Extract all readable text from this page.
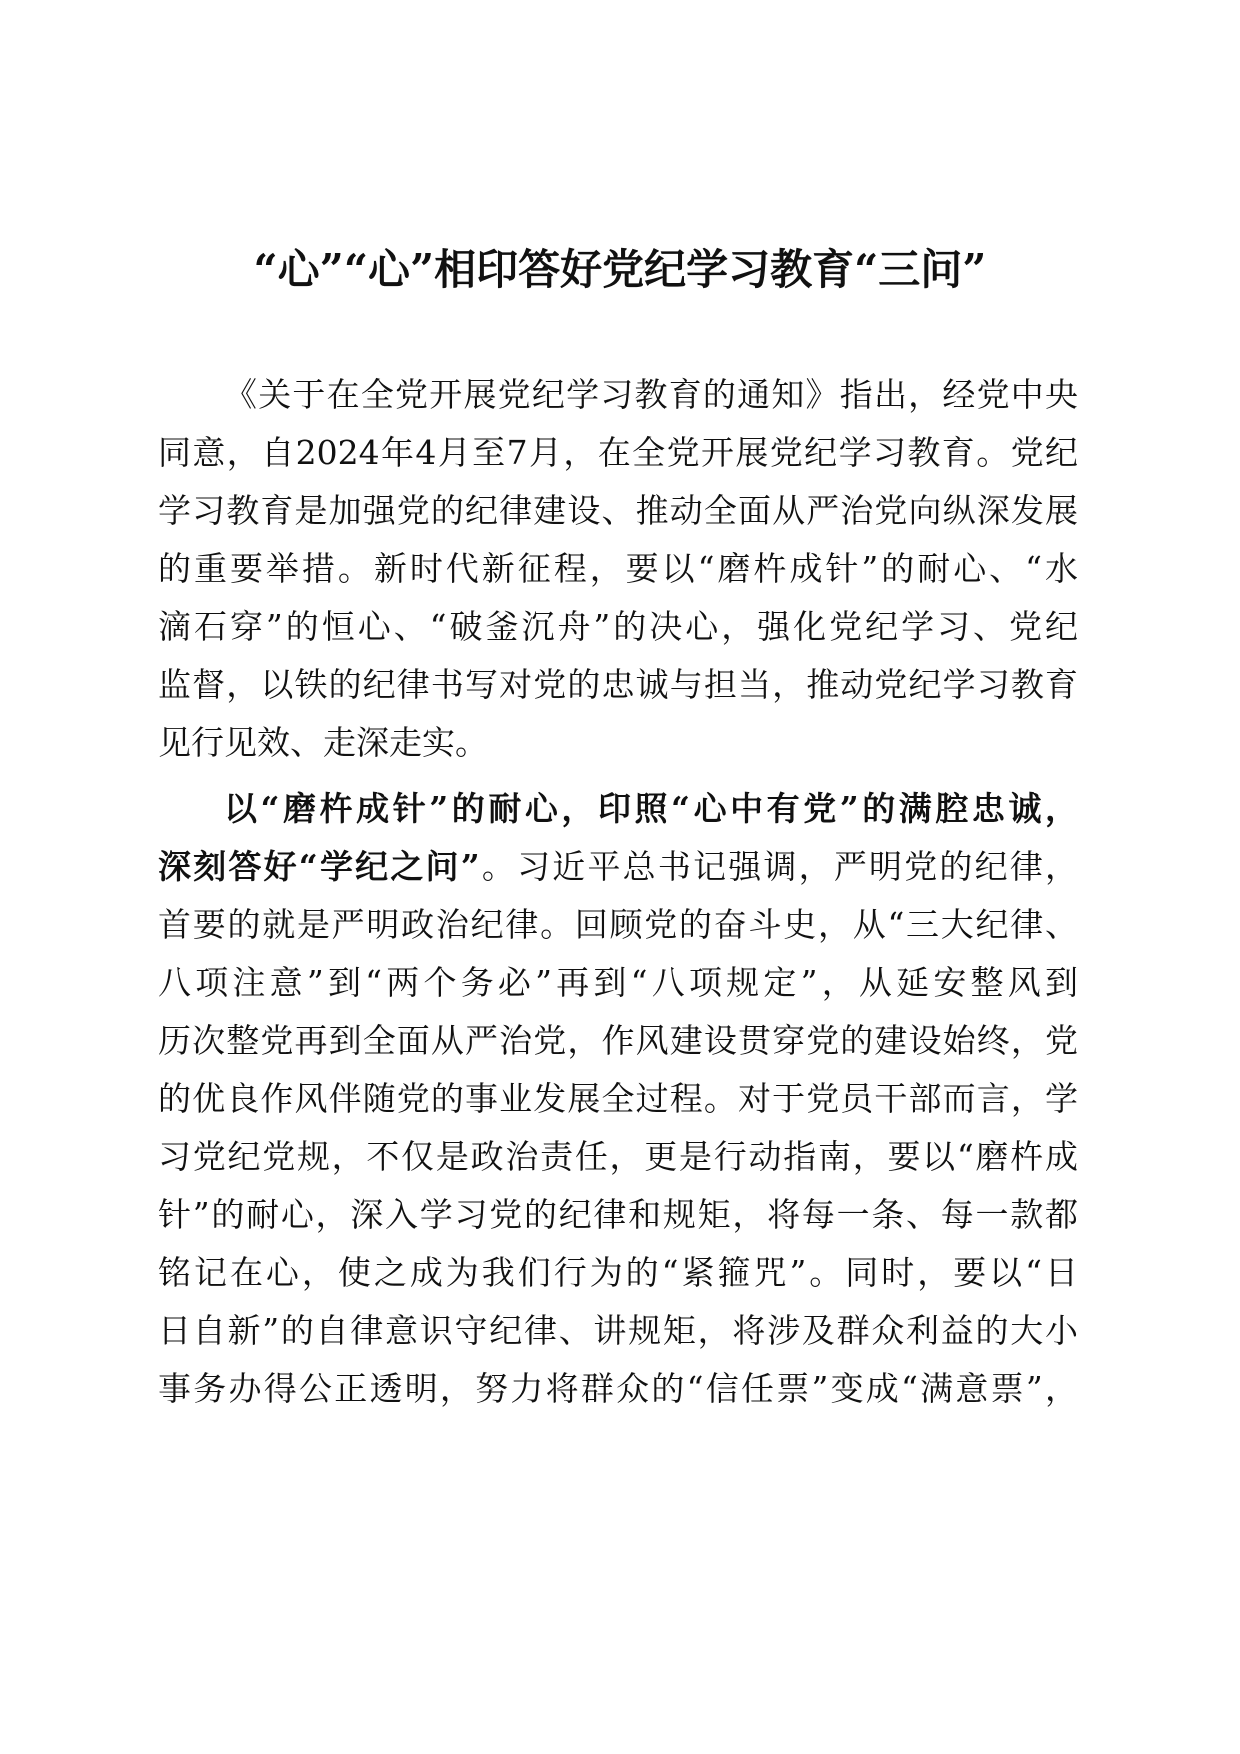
“心”“心”相印答好党纪学习教育“三问”
《关于在全党开展党纪学习教育的通知》指出，经党中央
同意，自2024年4月至7月，在全党开展党纪学习教育。党纪
学习教育是加强党的纪律建设、推动全面从严治党向纵深发展
的重要举措。新时代新征程，要以“磨杵成针”的耐心、“水
滴石穿”的恒心、“破釜沉舟”的决心，强化党纪学习、党纪
监督，以铁的纪律书写对党的忠诚与担当，推动党纪学习教育
见行见效、走深走实。
以“磨杵成针”的耐心，印照“心中有党”的满腔忠诚，
深刻答好“学纪之问”。习近平总书记强调，严明党的纪律，
首要的就是严明政治纪律。回顾党的奋斗史，从“三大纪律、
八项注意”到“两个务必”再到“八项规定”，从延安整风到
历次整党再到全面从严治党，作风建设贯穿党的建设始终，党
的优良作风伴随党的事业发展全过程。对于党员干部而言，学
习党纪党规，不仅是政治责任，更是行动指南，要以“磨杵成
针”的耐心，深入学习党的纪律和规矩，将每一条、每一款都
铭记在心，使之成为我们行为的“紧箍咒”。同时，要以“日
日自新”的自律意识守纪律、讲规矩，将涉及群众利益的大小
事务办得公正透明，努力将群众的“信任票”变成“满意票”，
